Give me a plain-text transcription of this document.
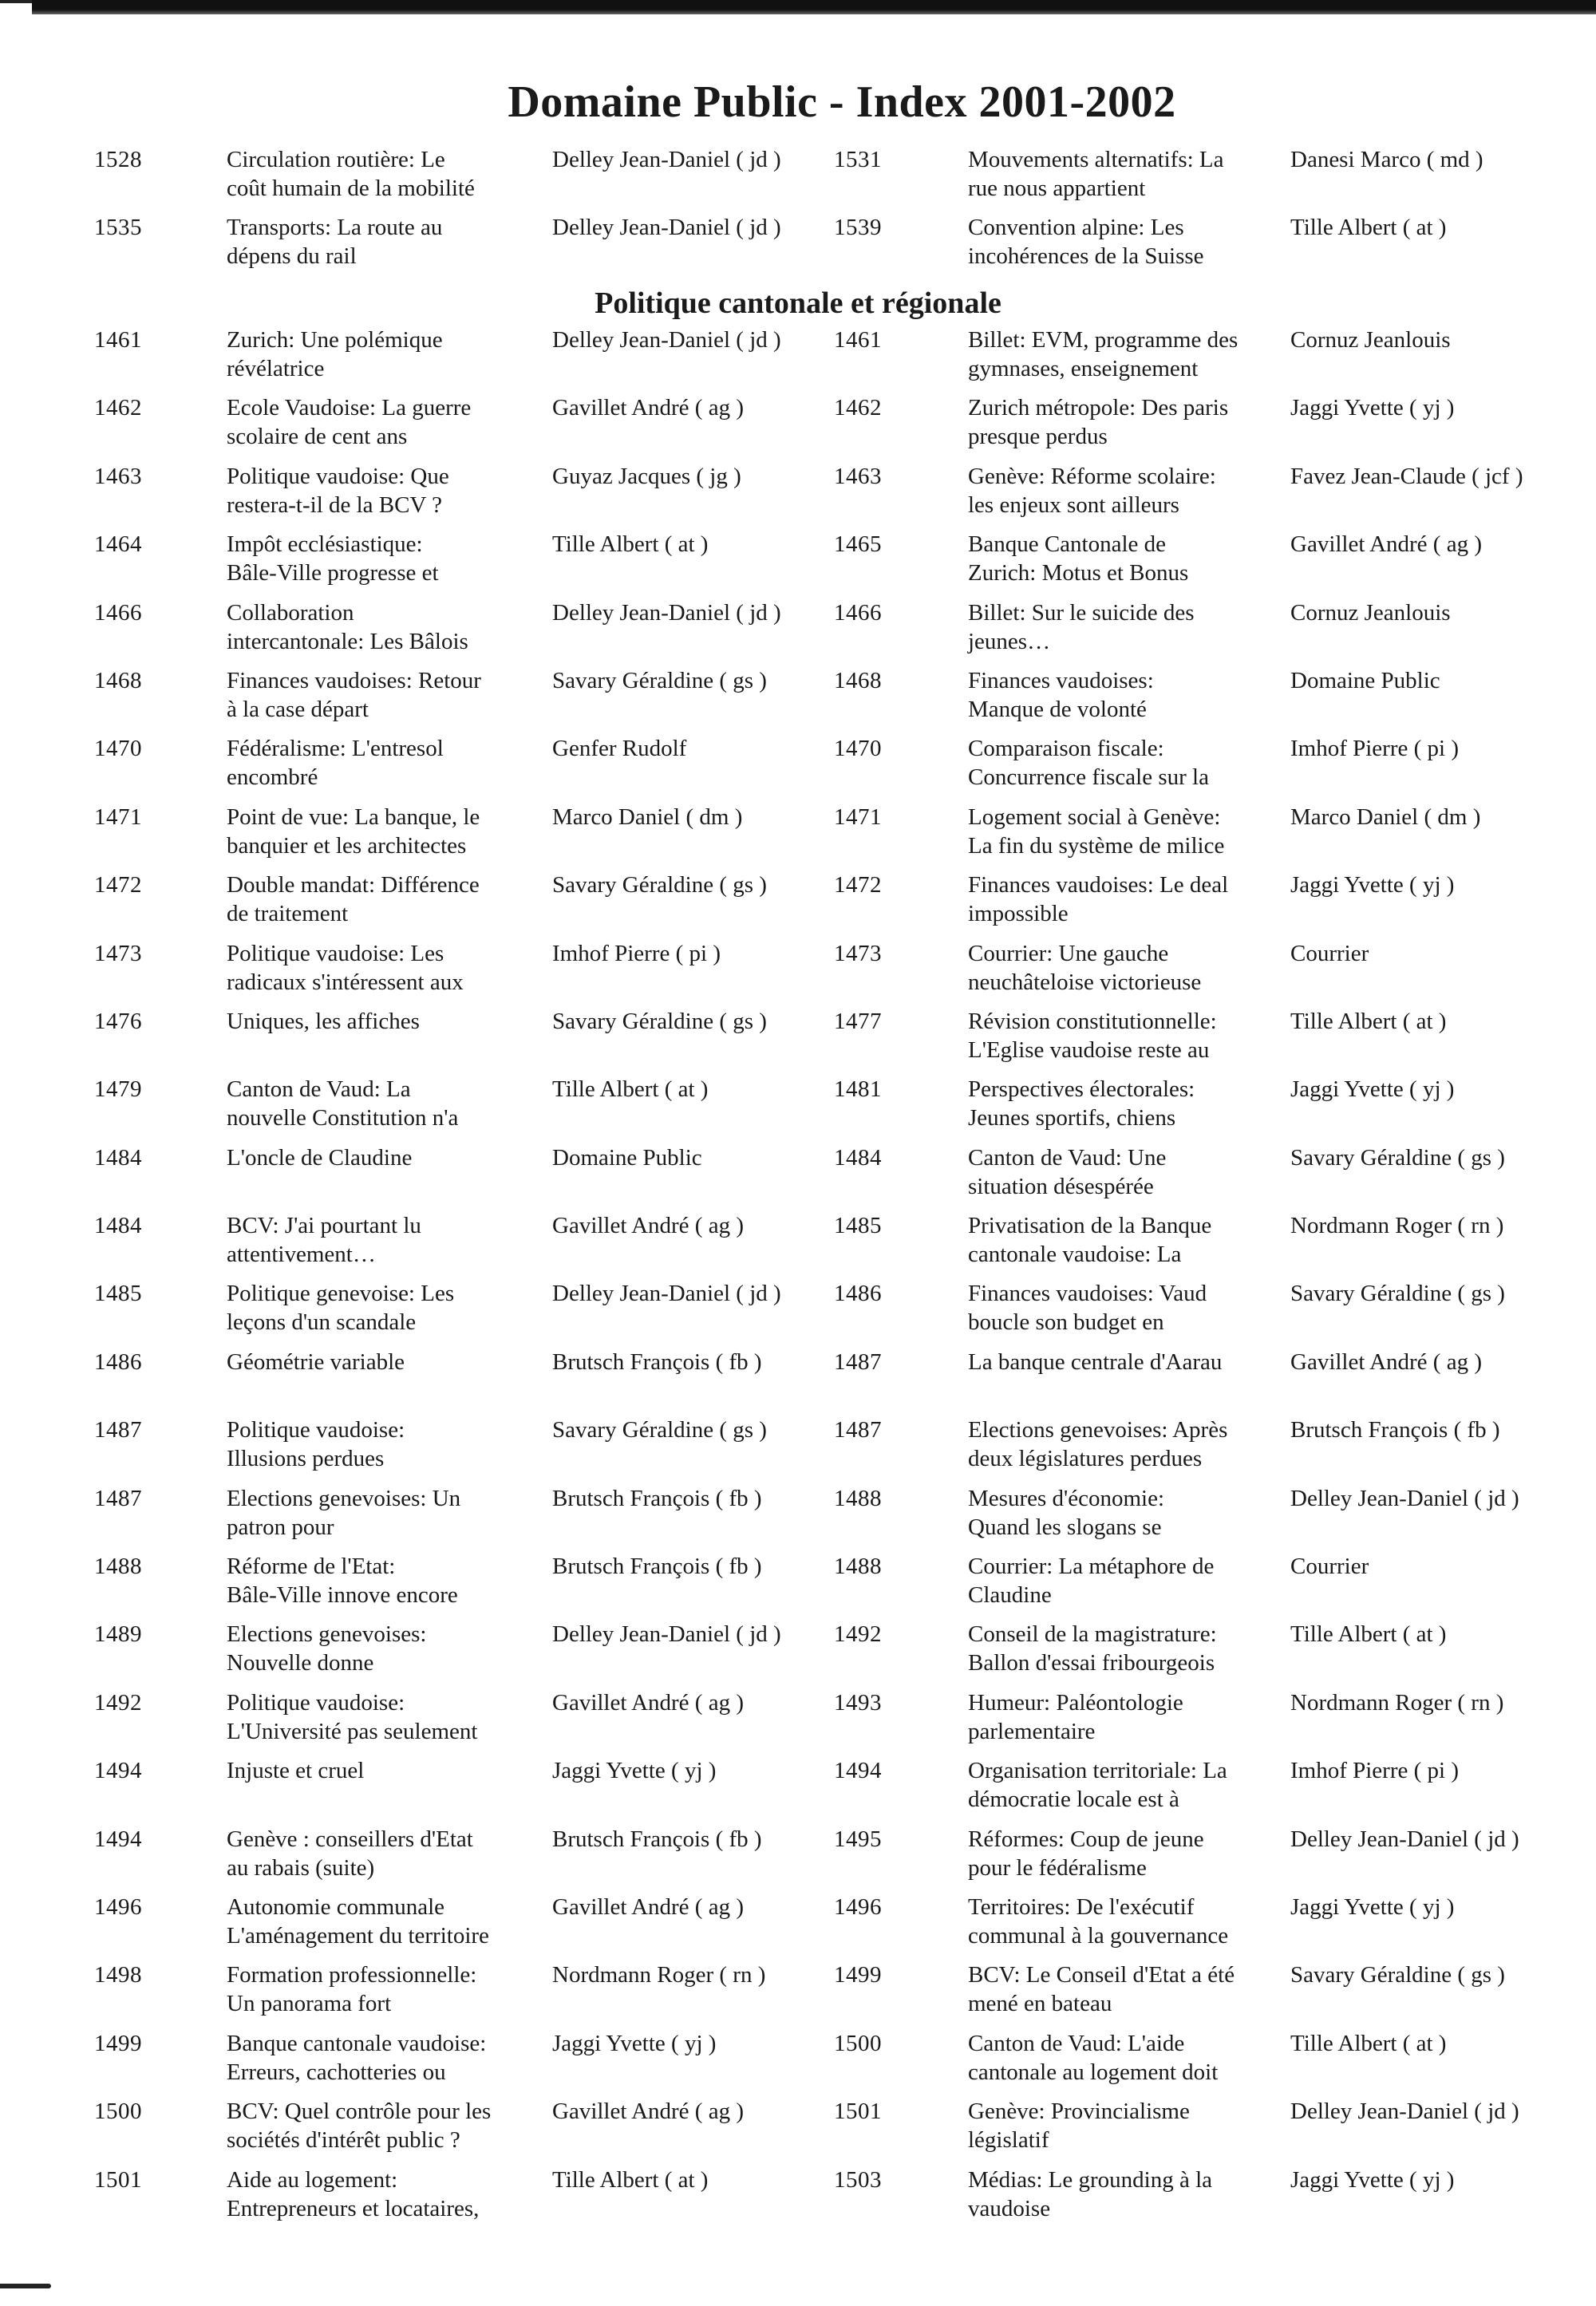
Domaine Public - Index 2001-2002
1528	Circulation routière: Le
coût humain de la mobilité
Delley Jean-Daniel ( jd )	1531	Mouvements alternatifs: La
rue nous appartient
Danesi Marco ( md )
1535	Transports: La route au
dépens du rail
Delley Jean-Daniel ( jd )	1539	Convention alpine: Les
incohérences de la Suisse
Tille Albert ( at )
Politique cantonale et régionale
1461	Zurich: Une polémique
révélatrice
Delley Jean-Daniel ( jd )	1461	Billet: EVM, programme des
gymnases, enseignement
Cornuz Jeanlouis
1462	Ecole Vaudoise: La guerre
scolaire de cent ans
Gavillet André ( ag )	1462	Zurich métropole: Des paris
presque perdus
Jaggi Yvette ( yj )
1463	Politique vaudoise: Que
restera-t-il de la BCV ?
Guyaz Jacques ( jg )	1463	Genève: Réforme scolaire:
les enjeux sont ailleurs
Favez Jean-Claude ( jcf )
1464	Impôt ecclésiastique:
Bâle-Ville progresse et
Tille Albert ( at )	1465	Banque Cantonale de
Zurich: Motus et Bonus
Gavillet André ( ag )
1466	Collaboration
intercantonale: Les Bâlois
Delley Jean-Daniel ( jd )	1466	Billet: Sur le suicide des
jeunes…
Cornuz Jeanlouis
1468	Finances vaudoises: Retour
à la case départ
Savary Géraldine ( gs )	1468	Finances vaudoises:
Manque de volonté
Domaine Public
1470	Fédéralisme: L'entresol
encombré
Genfer Rudolf	1470	Comparaison fiscale:
Concurrence fiscale sur la
Imhof Pierre ( pi )
1471	Point de vue: La banque, le
banquier et les architectes
Marco Daniel ( dm )	1471	Logement social à Genève:
La fin du système de milice
Marco Daniel ( dm )
1472	Double mandat: Différence
de traitement
Savary Géraldine ( gs )	1472	Finances vaudoises: Le deal
impossible
Jaggi Yvette ( yj )
1473	Politique vaudoise: Les
radicaux s'intéressent aux
Imhof Pierre ( pi )	1473	Courrier: Une gauche
neuchâteloise victorieuse
Courrier
1476	Uniques, les affiches	Savary Géraldine ( gs )	1477	Révision constitutionnelle:
L'Eglise vaudoise reste au
Tille Albert ( at )
1479	Canton de Vaud: La
nouvelle Constitution n'a
Tille Albert ( at )	1481	Perspectives électorales:
Jeunes sportifs, chiens
Jaggi Yvette ( yj )
1484	L'oncle de Claudine	Domaine Public	1484	Canton de Vaud: Une
situation désespérée
Savary Géraldine ( gs )
1484	BCV: J'ai pourtant lu
attentivement…
Gavillet André ( ag )	1485	Privatisation de la Banque
cantonale vaudoise: La
Nordmann Roger ( rn )
1485	Politique genevoise: Les
leçons d'un scandale
Delley Jean-Daniel ( jd )	1486	Finances vaudoises: Vaud
boucle son budget en
Savary Géraldine ( gs )
1486	Géométrie variable	Brutsch François ( fb )	1487	La banque centrale d'Aarau	Gavillet André ( ag )
1487	Politique vaudoise:
Illusions perdues
Savary Géraldine ( gs )	1487	Elections genevoises: Après
deux législatures perdues
Brutsch François ( fb )
1487	Elections genevoises: Un
patron pour
Brutsch François ( fb )	1488	Mesures d'économie:
Quand les slogans se
Delley Jean-Daniel ( jd )
1488	Réforme de l'Etat:
Bâle-Ville innove encore
Brutsch François ( fb )	1488	Courrier: La métaphore de
Claudine
Courrier
1489	Elections genevoises:
Nouvelle donne
Delley Jean-Daniel ( jd )	1492	Conseil de la magistrature:
Ballon d'essai fribourgeois
Tille Albert ( at )
1492	Politique vaudoise:
L'Université pas seulement
Gavillet André ( ag )	1493	Humeur: Paléontologie
parlementaire
Nordmann Roger ( rn )
1494	Injuste et cruel	Jaggi Yvette ( yj )	1494	Organisation territoriale: La
démocratie locale est à
Imhof Pierre ( pi )
1494	Genève : conseillers d'Etat
au rabais (suite)
Brutsch François ( fb )	1495	Réformes: Coup de jeune
pour le fédéralisme
Delley Jean-Daniel ( jd )
1496	Autonomie communale
L'aménagement du territoire
Gavillet André ( ag )	1496	Territoires: De l'exécutif
communal à la gouvernance
Jaggi Yvette ( yj )
1498	Formation professionnelle:
Un panorama fort
Nordmann Roger ( rn )	1499	BCV: Le Conseil d'Etat a été
mené en bateau
Savary Géraldine ( gs )
1499	Banque cantonale vaudoise:
Erreurs, cachotteries ou
Jaggi Yvette ( yj )	1500	Canton de Vaud: L'aide
cantonale au logement doit
Tille Albert ( at )
1500	BCV: Quel contrôle pour les
sociétés d'intérêt public ?
Gavillet André ( ag )	1501	Genève: Provincialisme
législatif
Delley Jean-Daniel ( jd )
1501	Aide au logement:
Entrepreneurs et locataires,
Tille Albert ( at )	1503	Médias: Le grounding à la
vaudoise
Jaggi Yvette ( yj )
